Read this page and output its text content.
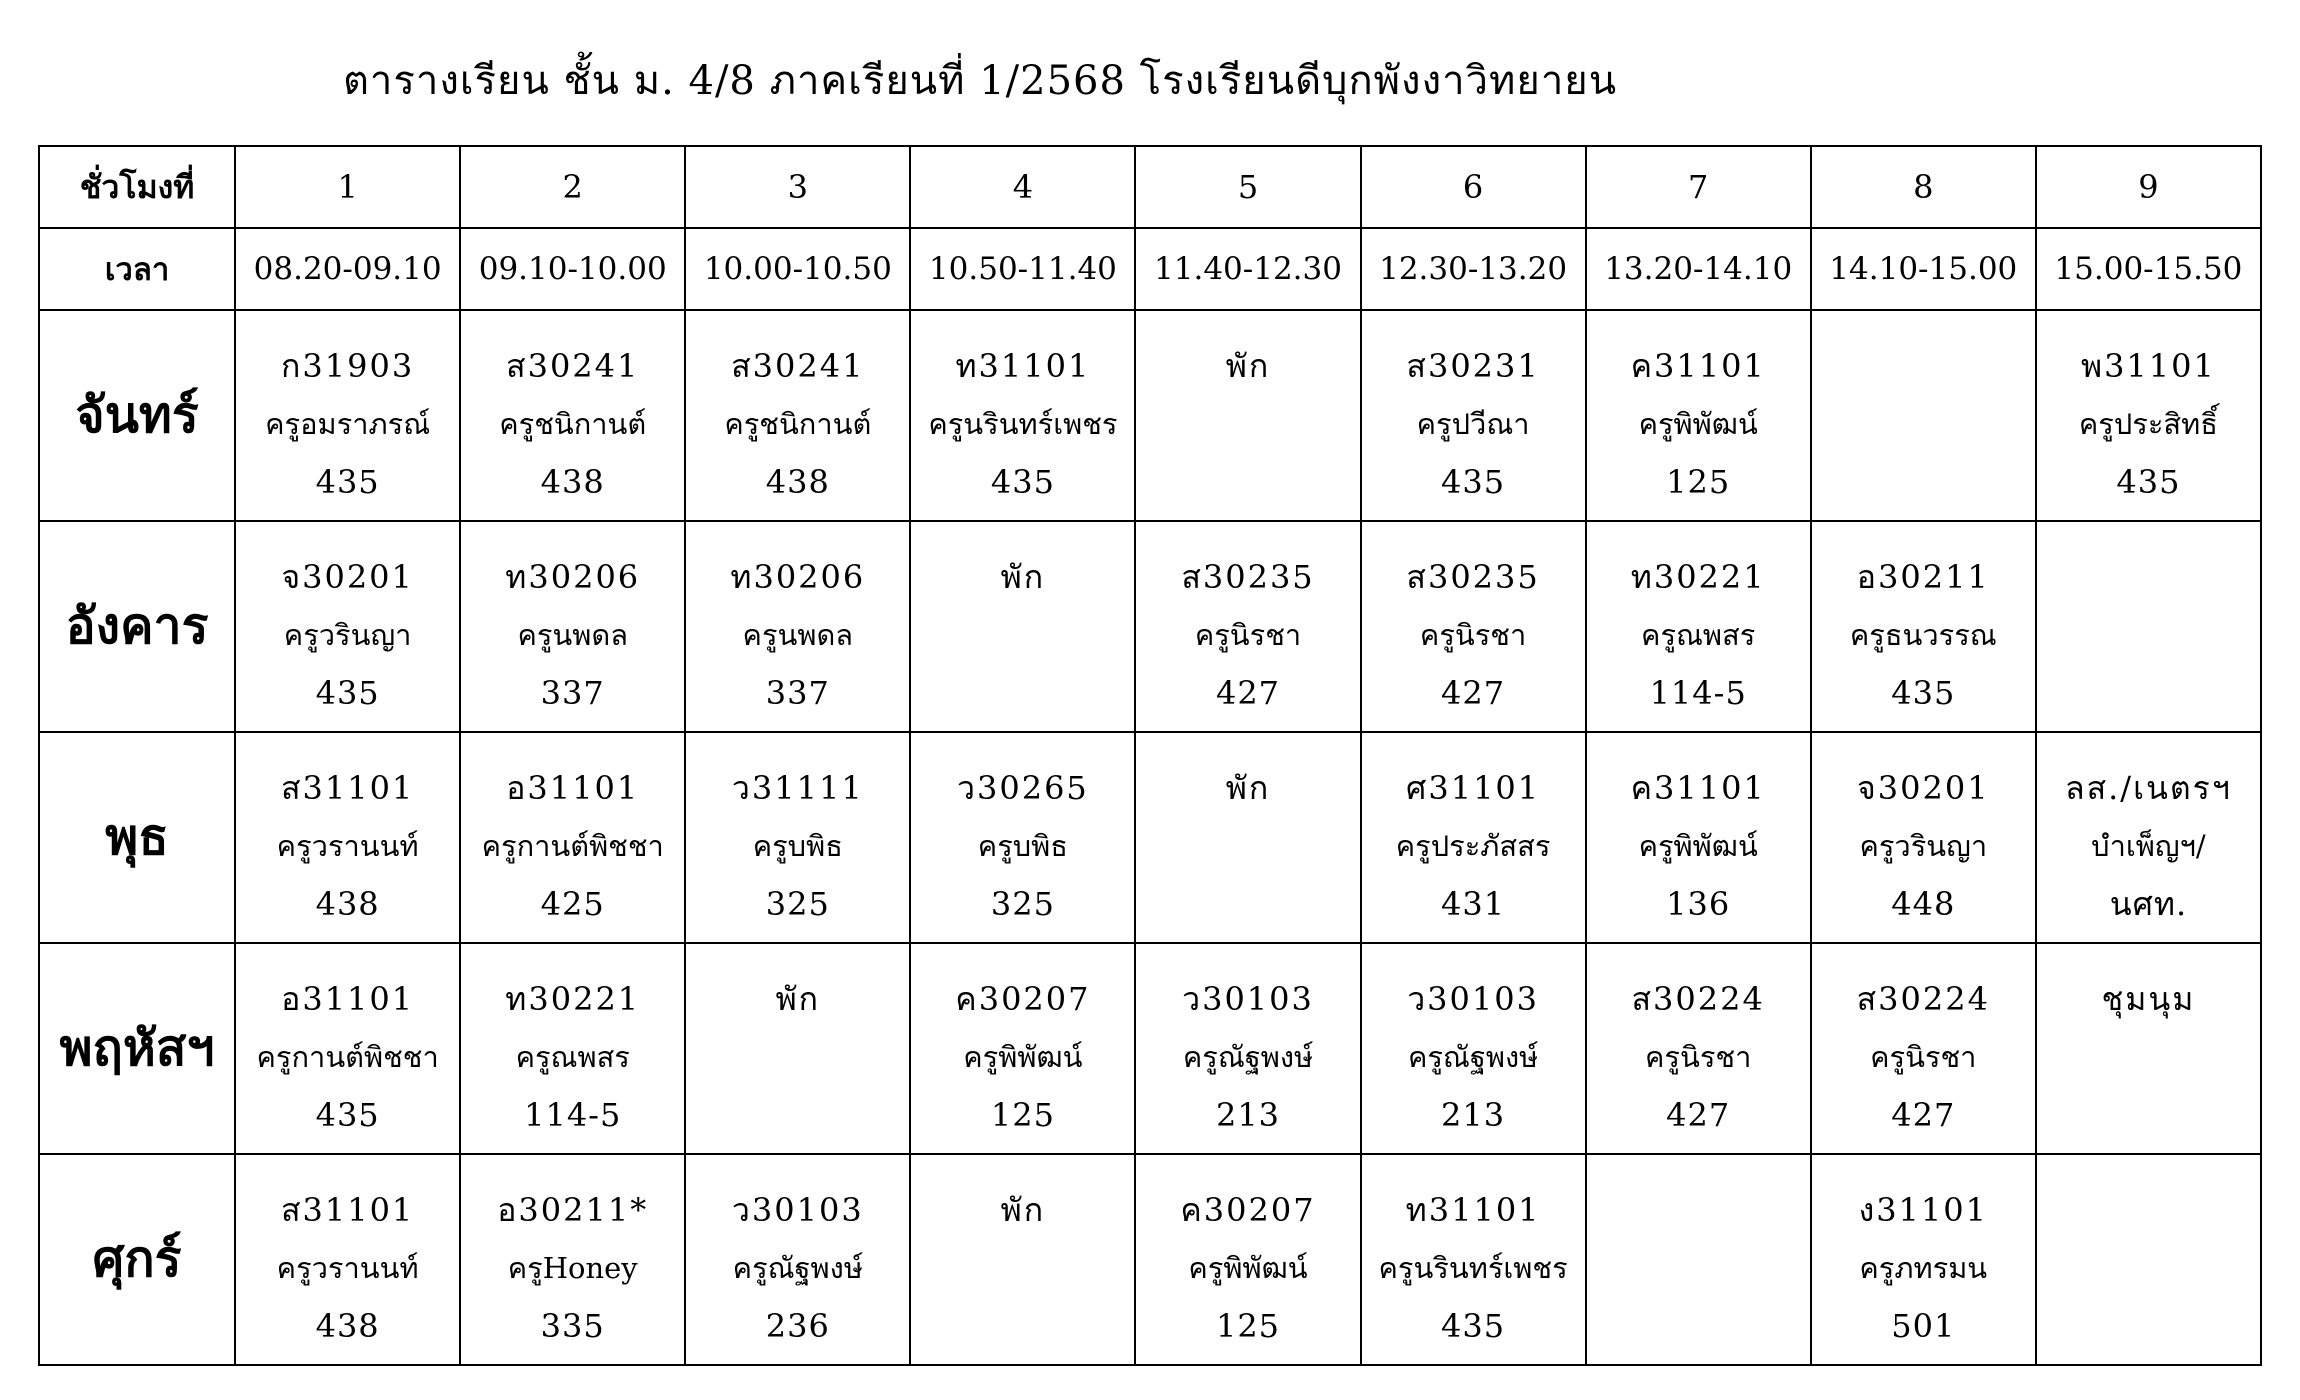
ตารางเรียน ชั้น ม. 4/8 ภาคเรียนที่ 1/2568 โรงเรียนดีบุกพังงาวิทยายน
ชั่วโมงที่	1	2	3	4	5	6	7	8	9
เวลา	08.20-09.10	09.10-10.00	10.00-10.50	10.50-11.40	11.40-12.30	12.30-13.20	13.20-14.10	14.10-15.00	15.00-15.50
จันทร์	ก31903
ครูอมราภรณ์
435	ส30241
ครูชนิกานต์
438	ส30241
ครูชนิกานต์
438	ท31101
ครูนรินทร์เพชร
435	พัก	ส30231
ครูปวีณา
435	ค31101
ครูพิพัฒน์
125		พ31101
ครูประสิทธิ์
435

อังคาร	จ30201
ครูวรินญา
435	ท30206
ครูนพดล
337	ท30206
ครูนพดล
337	พัก	ส30235
ครูนิรชา
427	ส30235
ครูนิรชา
427	ท30221
ครูณพสร
114-5	อ30211
ครูธนวรรณ
435	

พุธ	ส31101
ครูวรานนท์
438	อ31101
ครูกานต์พิชชา
425	ว31111
ครูบพิธ
325	ว30265
ครูบพิธ
325	พัก	ศ31101
ครูประภัสสร
431	ค31101
ครูพิพัฒน์
136	จ30201
ครูวรินญา
448	ลส./เนตรฯ
บำเพ็ญฯ/
นศท.

พฤหัสฯ	อ31101
ครูกานต์พิชชา
435	ท30221
ครูณพสร
114-5	พัก	ค30207
ครูพิพัฒน์
125	ว30103
ครูณัฐพงษ์
213	ว30103
ครูณัฐพงษ์
213	ส30224
ครูนิรชา
427	ส30224
ครูนิรชา
427	ชุมนุม

ศุกร์	ส31101
ครูวรานนท์
438	อ30211*
ครูHoney
335	ว30103
ครูณัฐพงษ์
236	พัก	ค30207
ครูพิพัฒน์
125	ท31101
ครูนรินทร์เพชร
435		ง31101
ครูภทรมน
501	
